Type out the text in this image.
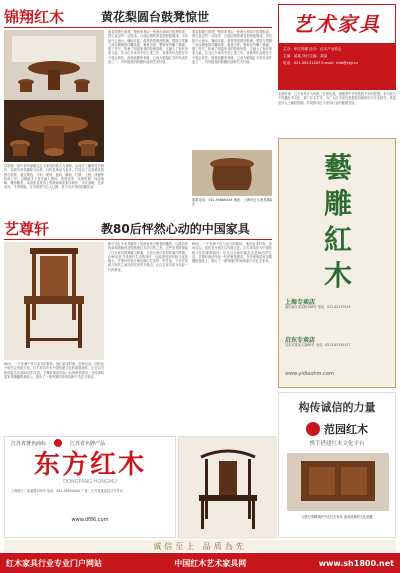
锦翔红木	黄花梨圆台鼓凳惊世
以乾隆一批中美华丽赋宝红木家具的款式为基础，以纯手工雕刻技艺制作，以现代审美趣味为标准，以传世珍品为追求，打造出了这套黄花梨圆台鼓凳。通过精选、开料、配料、刨料、雕刻、打磨、上蜡、烫蜡等传统工序，以精湛木工技艺融入整体，造型优美、比例协调、线条流畅、雕刻精美。本套家具采用上等海南黄花梨木制作，木纹清晰，色泽光亮，手感细腻，宝木的香气沁人心脾，是不可多得的收藏佳品。
黄花梨圆台鼓凳，整套家具由一张圆台和四只鼓凳组成，圆台直径约一百厘米，台面由整块黄花梨独板制成，木纹如行云流水，瑰丽多姿。鼓凳造型圆润饱满，凳面与凳腿之间以精细的浮雕装饰，寓意吉祥。整套家具雕工精湛，做工考究，传承了明清家具的经典风格，又融入了现代审美元素，实为红木家具中的上乘之作。该系列作品曾在多个展会获奖，深受收藏家青睐，已成为锦翔红木的代表作品之一，具有极高的收藏价值和艺术价值。
黄花梨圆台鼓凳，整套家具由一张圆台和四只鼓凳组成，圆台直径约一百厘米，台面由整块黄花梨独板制成，木纹如行云流水，瑰丽多姿。鼓凳造型圆润饱满，凳面与凳腿之间以精细的浮雕装饰，寓意吉祥。整套家具雕工精湛，做工考究，传承了明清家具的经典风格，又融入了现代审美元素，实为红木家具中的上乘之作。该系列作品曾在多个展会获奖，深受收藏家青睐，已成为锦翔红木的代表作品之一，具有极高的收藏价值和艺术价值。
联系电话：021-5988XXXX 地址：上海市红木家具城A区
艺尊轩	教80后怦然心动的中国家具
80后，一个充满个性与活力的群体，他们追求时尚、崇尚自由，同时也开始关注传统文化。红木家具作为中国传统文化的重要载体，正在以全新的姿态走进80后的生活。艺尊轩深谙年轻一代的审美需求，在传承明清家具精髓的基础上，推出了一系列简约时尚的新中式红木家具。
新中式红木家具摒弃了传统家具中繁复的雕饰，以简洁的线条和流畅的造型展现红木的自然之美。这些家具既保留了红木家具的典雅与厚重，又符合现代家居的简约风格，让80后在享受现代生活的同时，也能感受到传统文化的魅力。艺尊轩的设计师们精心打造每一件作品，力求在传统与现代之间找到完美的平衡点，让红木家具成为年轻一代的新宠。
80后，一个充满个性与活力的群体，他们追求时尚、崇尚自由，同时也开始关注传统文化。红木家具作为中国传统文化的重要载体，正在以全新的姿态走进80后的生活。艺尊轩深谙年轻一代的审美需求，在传承明清家具精髓的基础上，推出了一系列简约时尚的新中式红木家具。
艺术家具
主办：华江传媒 协办：红木产业协会
主编：某某 执行主编：某某
电话：021-56131287 E-mail：info@ysjj.cn
本期导读：红木家具作为传统工艺的结晶，凝聚着中华民族数千年的智慧。本刊致力于传播红木文化，推广红木艺术，为广大红木爱好者提供权威资讯与专业指导。欢迎业内人士踊跃投稿，共同推动红木家具行业的健康发展。
藝
雕
紅
木
上海专卖店
浦东新区某某路188号 电话：021-62279155
启东专卖店
启东市某某大道88号 电话：0513-83781417
www.yidiaohm.com
江苏省著名商标	江苏省名牌产品
东方红木
DONGFANG HONGMU
上海展厅：某某路109号 电话：021-5859XXXX 厂址：江苏省某某经济开发区
www.df86.com
构传诚信的力量
范园红木
携手搭建红木文化平台
为您打造精致的中式红木家具 追求经典的文化底蕴
诚信至上 品质為先
红木家具行业专业门户网站	中国红木艺术家具网	www.sh1800.net
